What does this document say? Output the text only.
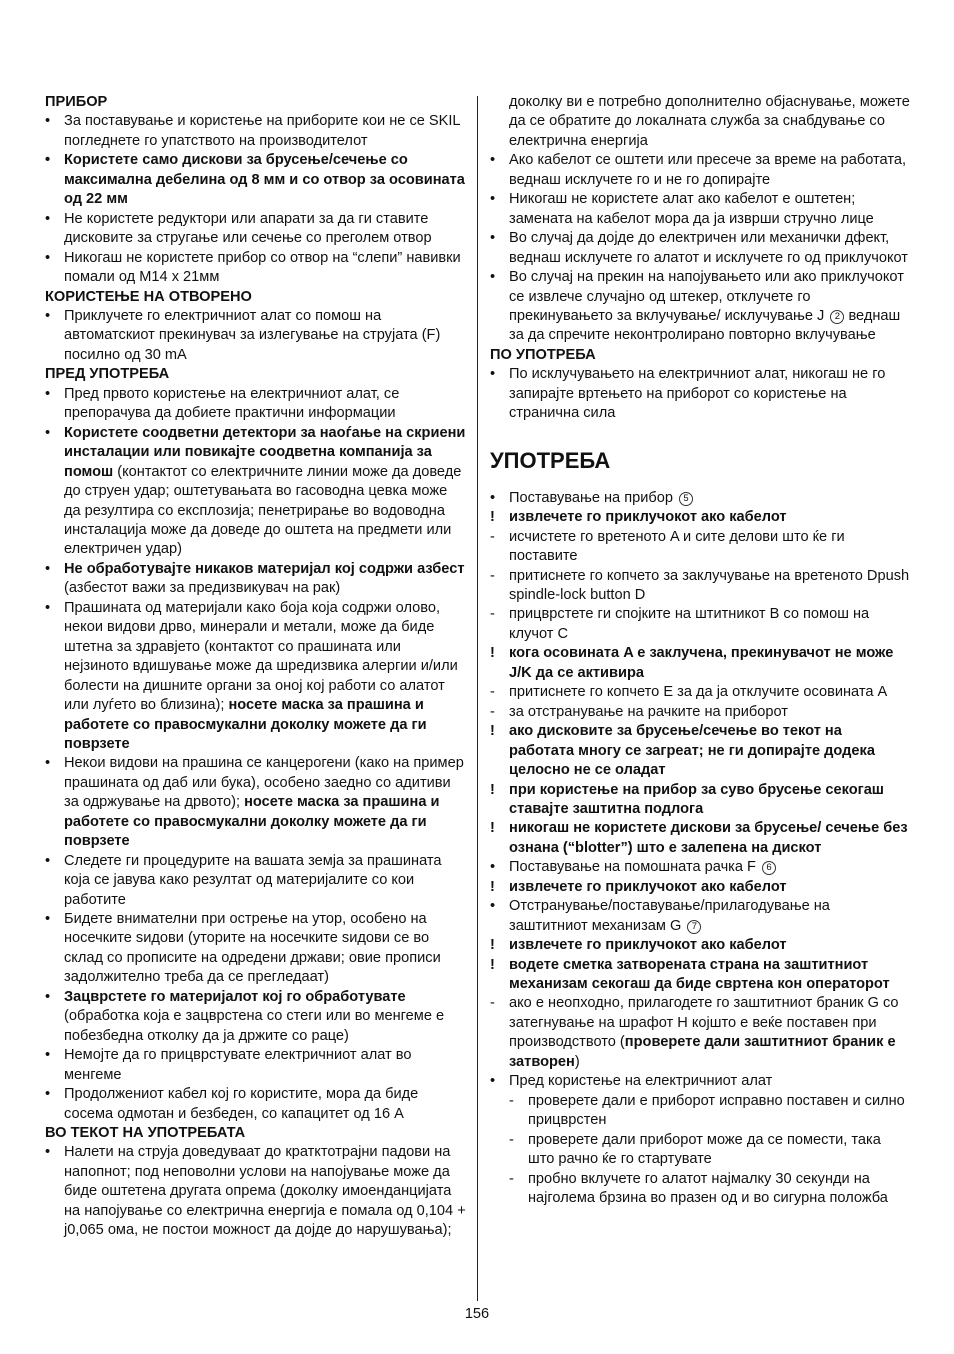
ПРИБОР
•
За поставување и користење на приборите кои не се SKIL погледнете го упатството на производителот
•
Користете само дискови за брусење/сечење со максимална дебелина од 8 мм и со отвор за осовината од 22 мм
•
Не користете редуктори или апарати за да ги ставите дисковите за стругање или сечење со преголем отвор
•
Никогаш не користете прибор со отвор на “слепи” навивки помали од M14 x 21мм
КОРИСТЕЊЕ НА ОТВОРЕНО
•
Приклучете го електричниот алат со помош на автоматскиот прекинувач за излегување на струјата (F) посилно од 30 mA
ПРЕД УПОТРЕБА
•
Пред првото користење на електричниот алат, се препорачува да добиете практични информации
•
Користете соодветни детектори за наоѓање на скриени инсталации или повикајте соодветна компанија за помош (контактот со електричните линии може да доведе до струен удар; оштетувањата во гасоводна цевка може да резултира со експлозија; пенетрирање во водоводна инсталација може да доведе до оштета на предмети или електричен удар)
•
Не обработувајте никаков материјал кој содржи азбест (азбестот важи за предизвикувач на рак)
•
Прашината од материјали како боја која содржи олово, некои видови дрво, минерали и метали, може да биде штетна за здравјето (контактот со прашината или нејзиното вдишување може да шредизвика алергии и/или болести на дишните органи за оној кој работи со алатот или луѓето во близина); носете маска за прашина и работете со правосмукални доколку можете да ги поврзете
•
Некои видови на прашина се канцерогени (како на пример прашината од даб или бука), особено заедно со адитиви за одржување на дрвото); носете маска за прашина и работете со правосмукални доколку можете да ги поврзете
•
Следете ги процедурите на вашата земја за прашината која се јавува како резултат од материјалите со кои работите
•
Бидете внимателни при острење на утор, особено на носечките ѕидови (уторите на носечките ѕидови се во склад со прописите на одредени држави; овие прописи задолжително треба да се прегледаат)
•
Зацврстете го материјалот кој го обработувате (обработка која е зацврстена со стеги или во менгеме е побезбедна отколку да ја држите со раце)
•
Немојте да го прицврстувате електричниот алат во менгеме
•
Продолжениот кабел кој го користите, мора да биде сосема одмотан и безбеден, со капацитет од 16 A
ВО ТЕКОТ НА УПОТРЕБАТА
•
Налети на струја доведуваат до кратктотрајни падови на напопнот; под неповолни услови на напојување може да биде оштетена другата опрема (доколку имоенданцијата на напојување со електрична енергија е помала од 0,104 + j0,065 ома, не постои можност да дојде до нарушувања);
доколку ви е потребно дополнително објаснување, можете да се обратите до локалната служба за снабдување со електрична енергија
•
Ако кабелот се оштети или пресече за време на работата, веднаш исклучете го и не го допирајте
•
Никогаш не користете алат ако кабелот е оштетен; замената на кабелот мора да ја изврши стручно лице
•
Во случај да дојде до електричен или механички дфект, веднаш исклучете го алатот и исклучете го од приклучокот
•
Во случај на прекин на напојувањето или ако приклучокот се извлече случајно од штекер, отклучете го прекинувањето за вклучување/ исклучување J 2 веднаш за да спречите неконтролирано повторно вклучување
ПО УПОТРЕБА
•
По исклучувањето на електричниот алат, никогаш не го запирајте вртењето на приборот со користење на странична сила
УПОТРЕБА
•
Поставување на прибор 5
! извлечете го приклучокот ако кабелот
- исчистете го вретеното A и сите делови што ќе ги поставите
- притиснете го копчето за заклучување на вретеното Dpush spindle-lock button D
- прицврстете ги спојките на штитникот B со помош на клучот C
! кога осовината A е заклучена, прекинувачот не може J/K да се активира
- притиснете го копчето E за да ја отклучите осовината A
- за отстранување на рачките на приборот
! ако дисковите за брусење/сечење во текот на работата многу се загреат; не ги допирајте додека целосно не се оладат
! при користење на прибор за суво брусење секогаш ставајте заштитна подлога
! никогаш не користете дискови за брусење/ сечење без ознана (“blotter”) што е залепена на дискот
•
Поставување на помошната рачка F 6
! извлечете го приклучокот ако кабелот
•
Отстранување/поставување/прилагодување на заштитниот механизам G 7
! извлечете го приклучокот ако кабелот
! водете сметка затворената страна на заштитниот механизам секогаш да биде свртена кон операторот
- ако е неопходно, прилагодете го заштитниот браник G со затегнување на шрафот H којшто е веќе поставен при производството (проверете дали заштитниот браник е затворен)
•
Пред користење на електричниот алат
- проверете дали е приборот исправно поставен и силно прицврстен
- проверете дали приборот може да се помести, така што рачно ќе го стартувате
- пробно вклучете го алатот најмалку 30 секунди на најголема брзина во празен од и во сигурна положба
156
